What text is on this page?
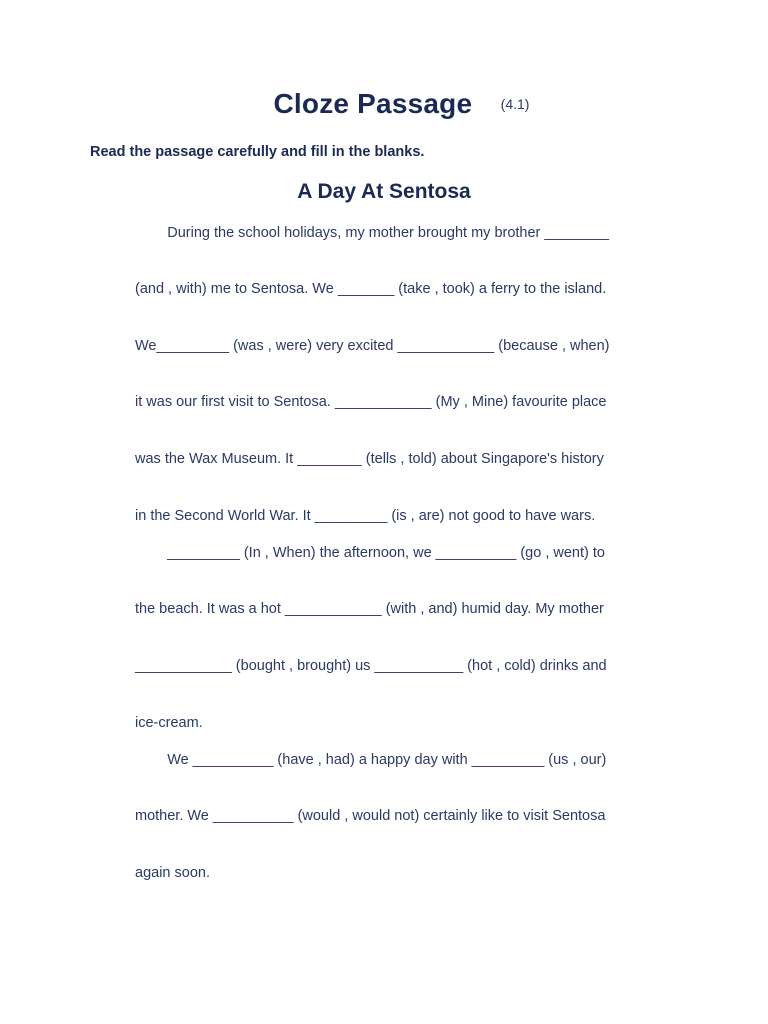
Cloze Passage (4.1)
Read the passage carefully and fill in the blanks.
A Day At Sentosa
During the school holidays, my mother brought my brother ________
(and , with) me to Sentosa. We _______ (take , took) a ferry to the island.
We_________ (was , were) very excited ____________ (because , when)
it was our first visit to Sentosa. ____________ (My , Mine) favourite place
was the Wax Museum. It ________ (tells , told) about Singapore's history
in the Second World War. It _________ (is , are) not good to have wars.
_________ (In , When) the afternoon, we __________ (go , went) to
the beach. It was a hot ____________ (with , and) humid day. My mother
____________ (bought , brought) us ___________ (hot , cold) drinks and
ice-cream.
We __________ (have , had) a happy day with _________ (us , our)
mother. We __________ (would , would not) certainly like to visit Sentosa
again soon.
